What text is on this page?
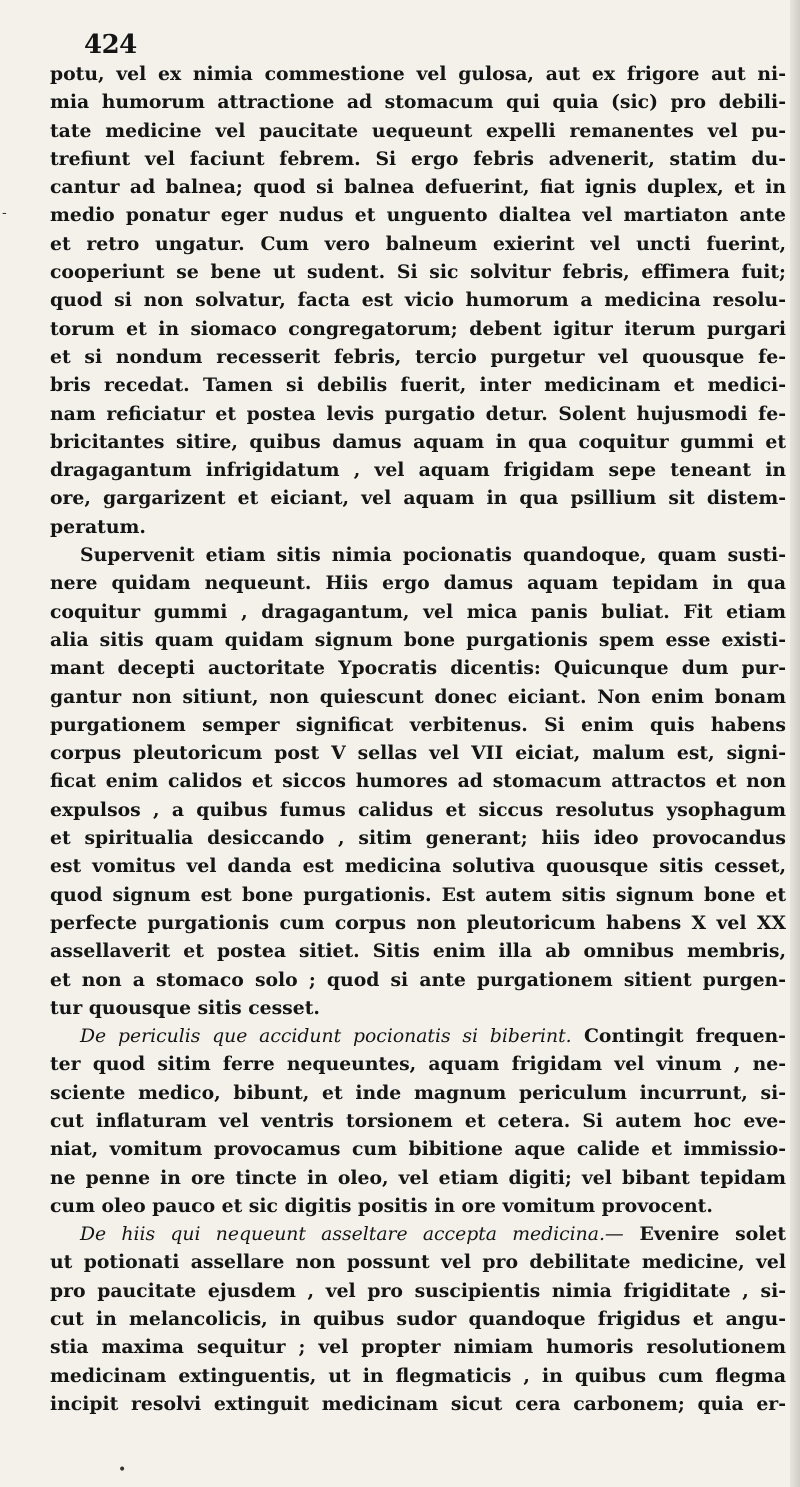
424
potu, vel ex nimia commestione vel gulosa, aut ex frigore aut ni-
mia humorum attractione ad stomacum qui quia (sic) pro debili-
tate medicine vel paucitate uequeunt expelli remanentes vel pu-
trefiunt vel faciunt febrem. Si ergo febris advenerit, statim du-
cantur ad balnea; quod si balnea defuerint, fiat ignis duplex, et in
medio ponatur eger nudus et unguento dialtea vel martiaton ante
et retro ungatur. Cum vero balneum exierint vel uncti fuerint,
cooperiunt se bene ut sudent. Si sic solvitur febris, effimera fuit;
quod si non solvatur, facta est vicio humorum a medicina resolu-
torum et in siomaco congregatorum; debent igitur iterum purgari
et si nondum recesserit febris, tercio purgetur vel quousque fe-
bris recedat. Tamen si debilis fuerit, inter medicinam et medici-
nam reficiatur et postea levis purgatio detur. Solent hujusmodi fe-
bricitantes sitire, quibus damus aquam in qua coquitur gummi et
dragagantum infrigidatum , vel aquam frigidam sepe teneant in
ore, gargarizent et eiciant, vel aquam in qua psillium sit distem-
peratum.
Supervenit etiam sitis nimia pocionatis quandoque, quam susti-
nere quidam nequeunt. Hiis ergo damus aquam tepidam in qua
coquitur gummi , dragagantum, vel mica panis buliat. Fit etiam
alia sitis quam quidam signum bone purgationis spem esse existi-
mant decepti auctoritate Ypocratis dicentis: Quicunque dum pur-
gantur non sitiunt, non quiescunt donec eiciant. Non enim bonam
purgationem semper significat verbitenus. Si enim quis habens
corpus pleutoricum post V sellas vel VII eiciat, malum est, signi-
ficat enim calidos et siccos humores ad stomacum attractos et non
expulsos , a quibus fumus calidus et siccus resolutus ysophagum
et spiritualia desiccando , sitim generant; hiis ideo provocandus
est vomitus vel danda est medicina solutiva quousque sitis cesset,
quod signum est bone purgationis. Est autem sitis signum bone et
perfecte purgationis cum corpus non pleutoricum habens X vel XX
assellaverit et postea sitiet. Sitis enim illa ab omnibus membris,
et non a stomaco solo ; quod si ante purgationem sitient purgen-
tur quousque sitis cesset.
De periculis que accidunt pocionatis si biberint. Contingit frequen-
ter quod sitim ferre nequeuntes, aquam frigidam vel vinum , ne-
sciente medico, bibunt, et inde magnum periculum incurrunt, si-
cut inflaturam vel ventris torsionem et cetera. Si autem hoc eve-
niat, vomitum provocamus cum bibitione aque calide et immissio-
ne penne in ore tincte in oleo, vel etiam digiti; vel bibant tepidam
cum oleo pauco et sic digitis positis in ore vomitum provocent.
De hiis qui nequeunt asseltare accepta medicina.— Evenire solet
ut potionati assellare non possunt vel pro debilitate medicine, vel
pro paucitate ejusdem , vel pro suscipientis nimia frigiditate , si-
cut in melancolicis, in quibus sudor quandoque frigidus et angu-
stia maxima sequitur ; vel propter nimiam humoris resolutionem
medicinam extinguentis, ut in flegmaticis , in quibus cum flegma
incipit resolvi extinguit medicinam sicut cera carbonem; quia er-
•
-
